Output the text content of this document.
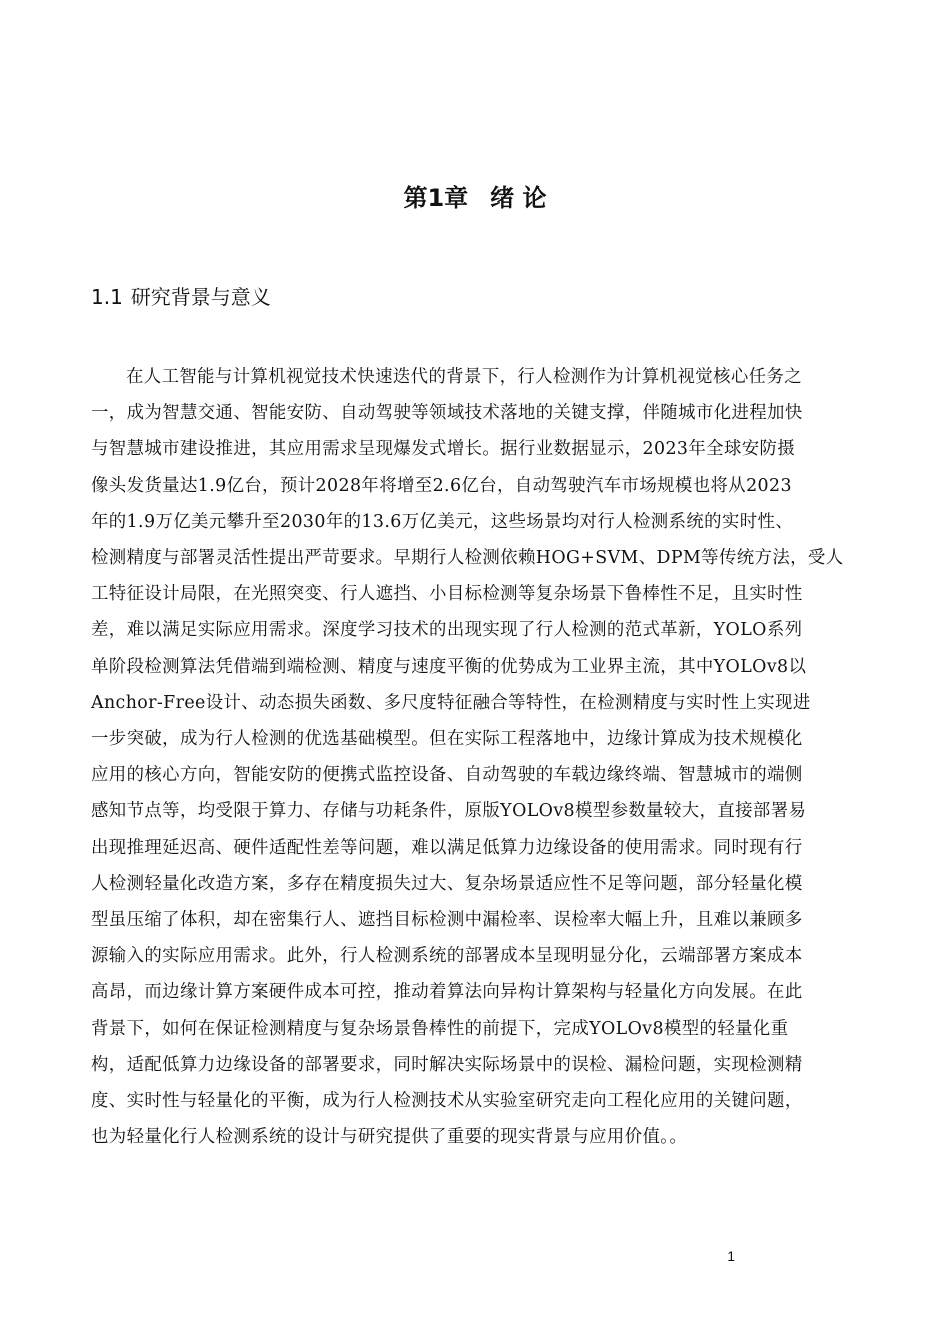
第1章 绪 论
1.1 研究背景与意义

在人工智能与计算机视觉技术快速迭代的背景下，行人检测作为计算机视觉核心任务之
一，成为智慧交通、智能安防、自动驾驶等领域技术落地的关键支撑，伴随城市化进程加快
与智慧城市建设推进，其应用需求呈现爆发式增长。据行业数据显示，2023年全球安防摄
像头发货量达1.9亿台，预计2028年将增至2.6亿台，自动驾驶汽车市场规模也将从2023
年的1.9万亿美元攀升至2030年的13.6万亿美元，这些场景均对行人检测系统的实时性、
检测精度与部署灵活性提出严苛要求。早期行人检测依赖HOG+SVM、DPM等传统方法，受人
工特征设计局限，在光照突变、行人遮挡、小目标检测等复杂场景下鲁棒性不足，且实时性
差，难以满足实际应用需求。深度学习技术的出现实现了行人检测的范式革新，YOLO系列
单阶段检测算法凭借端到端检测、精度与速度平衡的优势成为工业界主流，其中YOLOv8以
Anchor-Free设计、动态损失函数、多尺度特征融合等特性，在检测精度与实时性上实现进
一步突破，成为行人检测的优选基础模型。但在实际工程落地中，边缘计算成为技术规模化
应用的核心方向，智能安防的便携式监控设备、自动驾驶的车载边缘终端、智慧城市的端侧
感知节点等，均受限于算力、存储与功耗条件，原版YOLOv8模型参数量较大，直接部署易
出现推理延迟高、硬件适配性差等问题，难以满足低算力边缘设备的使用需求。同时现有行
人检测轻量化改造方案，多存在精度损失过大、复杂场景适应性不足等问题，部分轻量化模
型虽压缩了体积，却在密集行人、遮挡目标检测中漏检率、误检率大幅上升，且难以兼顾多
源输入的实际应用需求。此外，行人检测系统的部署成本呈现明显分化，云端部署方案成本
高昂，而边缘计算方案硬件成本可控，推动着算法向异构计算架构与轻量化方向发展。在此
背景下，如何在保证检测精度与复杂场景鲁棒性的前提下，完成YOLOv8模型的轻量化重
构，适配低算力边缘设备的部署要求，同时解决实际场景中的误检、漏检问题，实现检测精
度、实时性与轻量化的平衡，成为行人检测技术从实验室研究走向工程化应用的关键问题，
也为轻量化行人检测系统的设计与研究提供了重要的现实背景与应用价值。。

1
